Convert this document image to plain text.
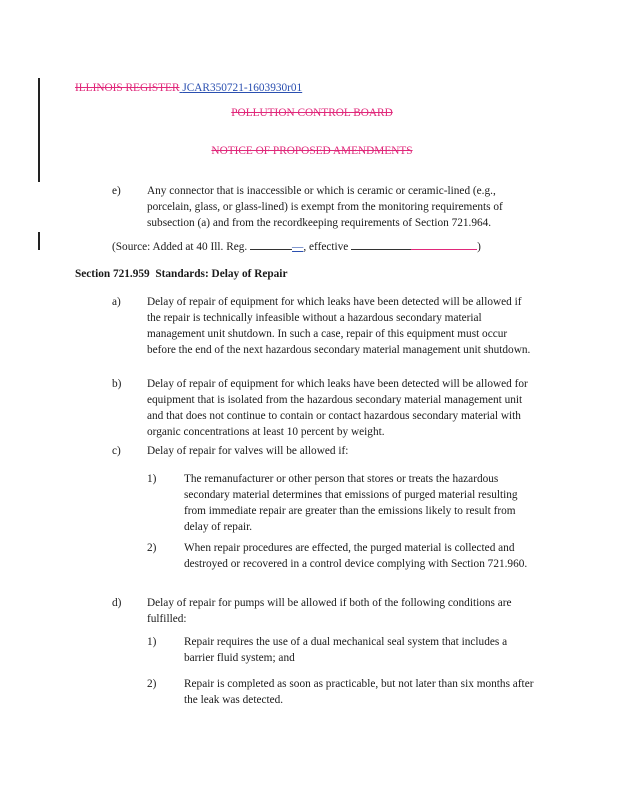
ILLINOIS REGISTER JCAR350721-1603930r01
POLLUTION CONTROL BOARD
NOTICE OF PROPOSED AMENDMENTS
e) Any connector that is inaccessible or which is ceramic or ceramic-lined (e.g., porcelain, glass, or glass-lined) is exempt from the monitoring requirements of subsection (a) and from the recordkeeping requirements of Section 721.964.
(Source: Added at 40 Ill. Reg.	—, effective	)
Section 721.959 Standards: Delay of Repair
a) Delay of repair of equipment for which leaks have been detected will be allowed if the repair is technically infeasible without a hazardous secondary material management unit shutdown. In such a case, repair of this equipment must occur before the end of the next hazardous secondary material management unit shutdown.
b) Delay of repair of equipment for which leaks have been detected will be allowed for equipment that is isolated from the hazardous secondary material management unit and that does not continue to contain or contact hazardous secondary material with organic concentrations at least 10 percent by weight.
c) Delay of repair for valves will be allowed if:
1) The remanufacturer or other person that stores or treats the hazardous secondary material determines that emissions of purged material resulting from immediate repair are greater than the emissions likely to result from delay of repair.
2) When repair procedures are effected, the purged material is collected and destroyed or recovered in a control device complying with Section 721.960.
d) Delay of repair for pumps will be allowed if both of the following conditions are fulfilled:
1) Repair requires the use of a dual mechanical seal system that includes a barrier fluid system; and
2) Repair is completed as soon as practicable, but not later than six months after the leak was detected.
